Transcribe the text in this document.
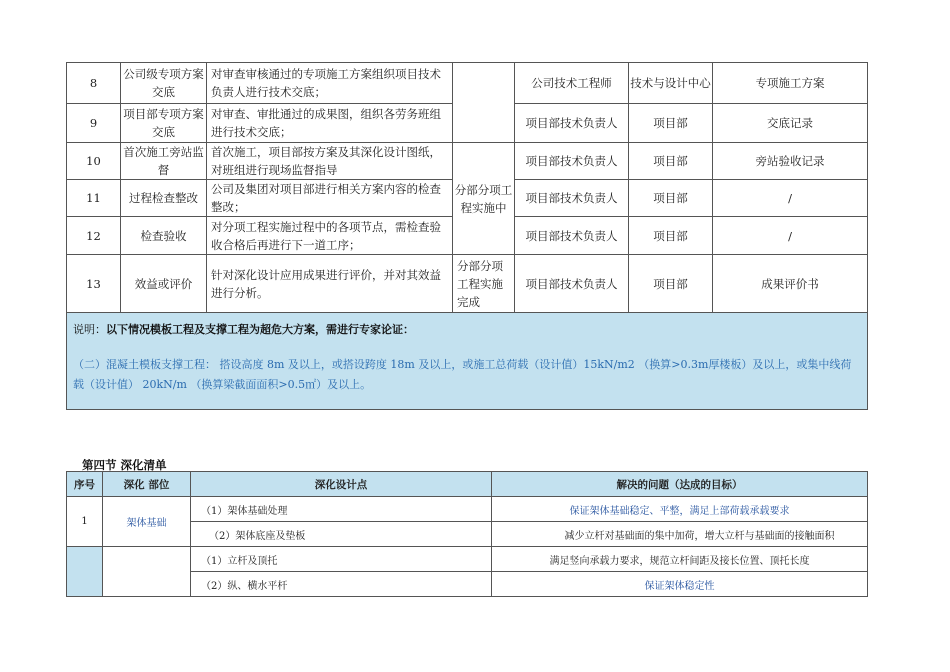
8	公司级专项方案交底	对审查审核通过的专项施工方案组织项目技术负责人进行技术交底；		公司技术工程师	技术与设计中心	专项施工方案
9	项目部专项方案交底	对审查、审批通过的成果图，组织各劳务班组进行技术交底；		项目部技术负责人	项目部	交底记录
10	首次施工旁站监督	首次施工，项目部按方案及其深化设计图纸，对班组进行现场监督指导	分部分项工程实施中	项目部技术负责人	项目部	旁站验收记录
11	过程检查整改	公司及集团对项目部进行相关方案内容的检查整改；		项目部技术负责人	项目部	/
12	检查验收	对分项工程实施过程中的各项节点，需检查验收合格后再进行下一道工序；		项目部技术负责人	项目部	/
13	效益或评价	针对深化设计应用成果进行评价，并对其效益进行分析。	分部分项工程实施完成	项目部技术负责人	项目部	成果评价书

说明：以下情况模板工程及支撑工程为超危大方案，需进行专家论证：
（二）混凝土模板支撑工程： 搭设高度 8m 及以上，或搭设跨度 18m 及以上，或施工总荷载（设计值）15kN/m2 （换算>0.3m厚楼板）及以上，或集中线荷载（设计值） 20kN/m （换算梁截面面积>0.5㎡）及以上。						
第四节 深化清单
序号	深化 部位	深化设计点	解决的问题（达成的目标）
1	架体基础	（1）架体基础处理	保证架体基础稳定、平整，满足上部荷载承载要求
		（2）架体底座及垫板	减少立杆对基础面的集中加荷，增大立杆与基础面的接触面积
		（1）立杆及顶托	满足竖向承载力要求，规范立杆间距及接长位置、顶托长度
		（2）纵、横水平杆	保证架体稳定性
